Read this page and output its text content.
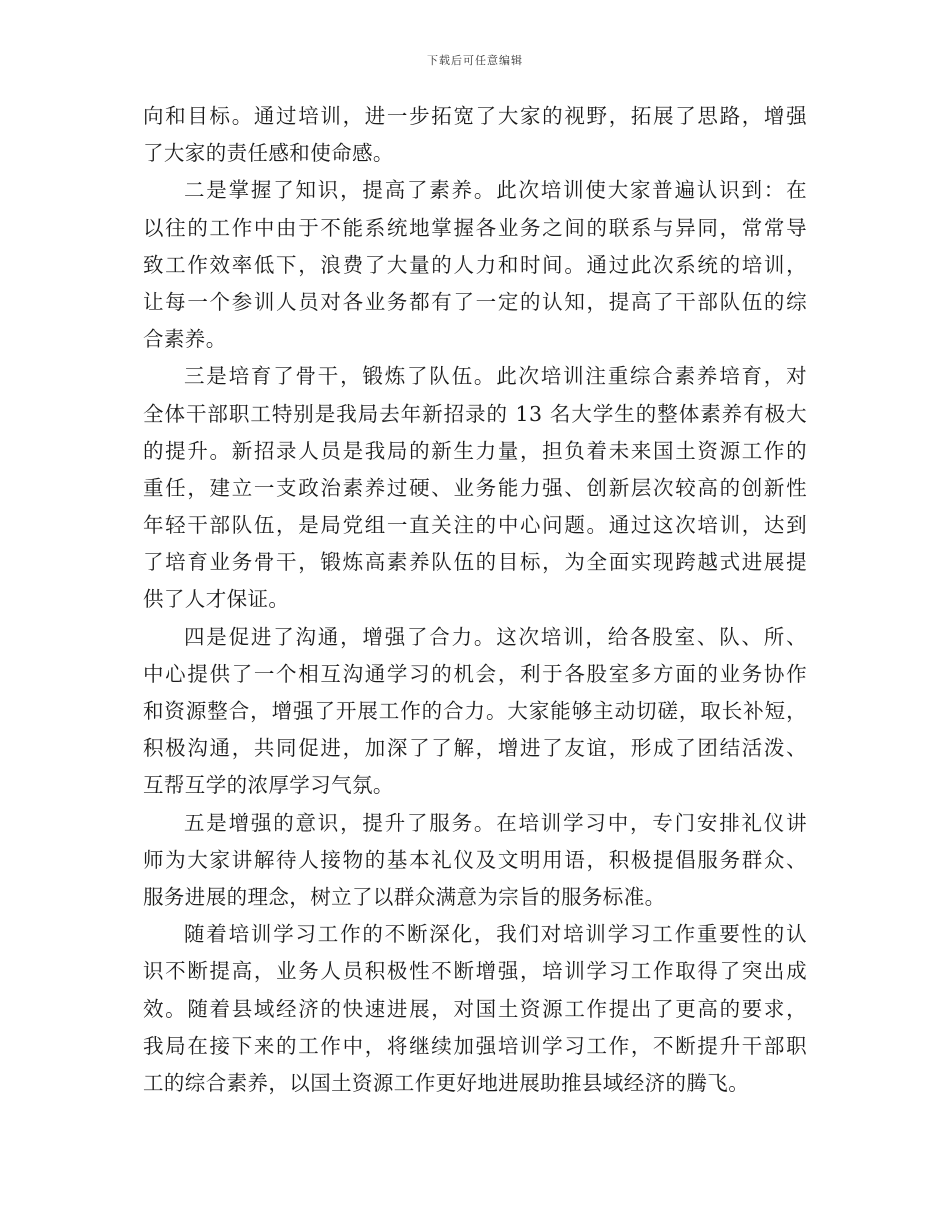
下载后可任意编辑
向和目标。通过培训，进一步拓宽了大家的视野，拓展了思路，增强
了大家的责任感和使命感。
二是掌握了知识，提高了素养。此次培训使大家普遍认识到：在
以往的工作中由于不能系统地掌握各业务之间的联系与异同，常常导
致工作效率低下，浪费了大量的人力和时间。通过此次系统的培训，
让每一个参训人员对各业务都有了一定的认知，提高了干部队伍的综
合素养。
三是培育了骨干，锻炼了队伍。此次培训注重综合素养培育，对
全体干部职工特别是我局去年新招录的 13 名大学生的整体素养有极大
的提升。新招录人员是我局的新生力量，担负着未来国土资源工作的
重任，建立一支政治素养过硬、业务能力强、创新层次较高的创新性
年轻干部队伍，是局党组一直关注的中心问题。通过这次培训，达到
了培育业务骨干，锻炼高素养队伍的目标，为全面实现跨越式进展提
供了人才保证。
四是促进了沟通，增强了合力。这次培训，给各股室、队、所、
中心提供了一个相互沟通学习的机会，利于各股室多方面的业务协作
和资源整合，增强了开展工作的合力。大家能够主动切磋，取长补短，
积极沟通，共同促进，加深了了解，增进了友谊，形成了团结活泼、
互帮互学的浓厚学习气氛。
五是增强的意识，提升了服务。在培训学习中，专门安排礼仪讲
师为大家讲解待人接物的基本礼仪及文明用语，积极提倡服务群众、
服务进展的理念，树立了以群众满意为宗旨的服务标准。
随着培训学习工作的不断深化，我们对培训学习工作重要性的认
识不断提高，业务人员积极性不断增强，培训学习工作取得了突出成
效。随着县域经济的快速进展，对国土资源工作提出了更高的要求，
我局在接下来的工作中，将继续加强培训学习工作，不断提升干部职
工的综合素养，以国土资源工作更好地进展助推县域经济的腾飞。
